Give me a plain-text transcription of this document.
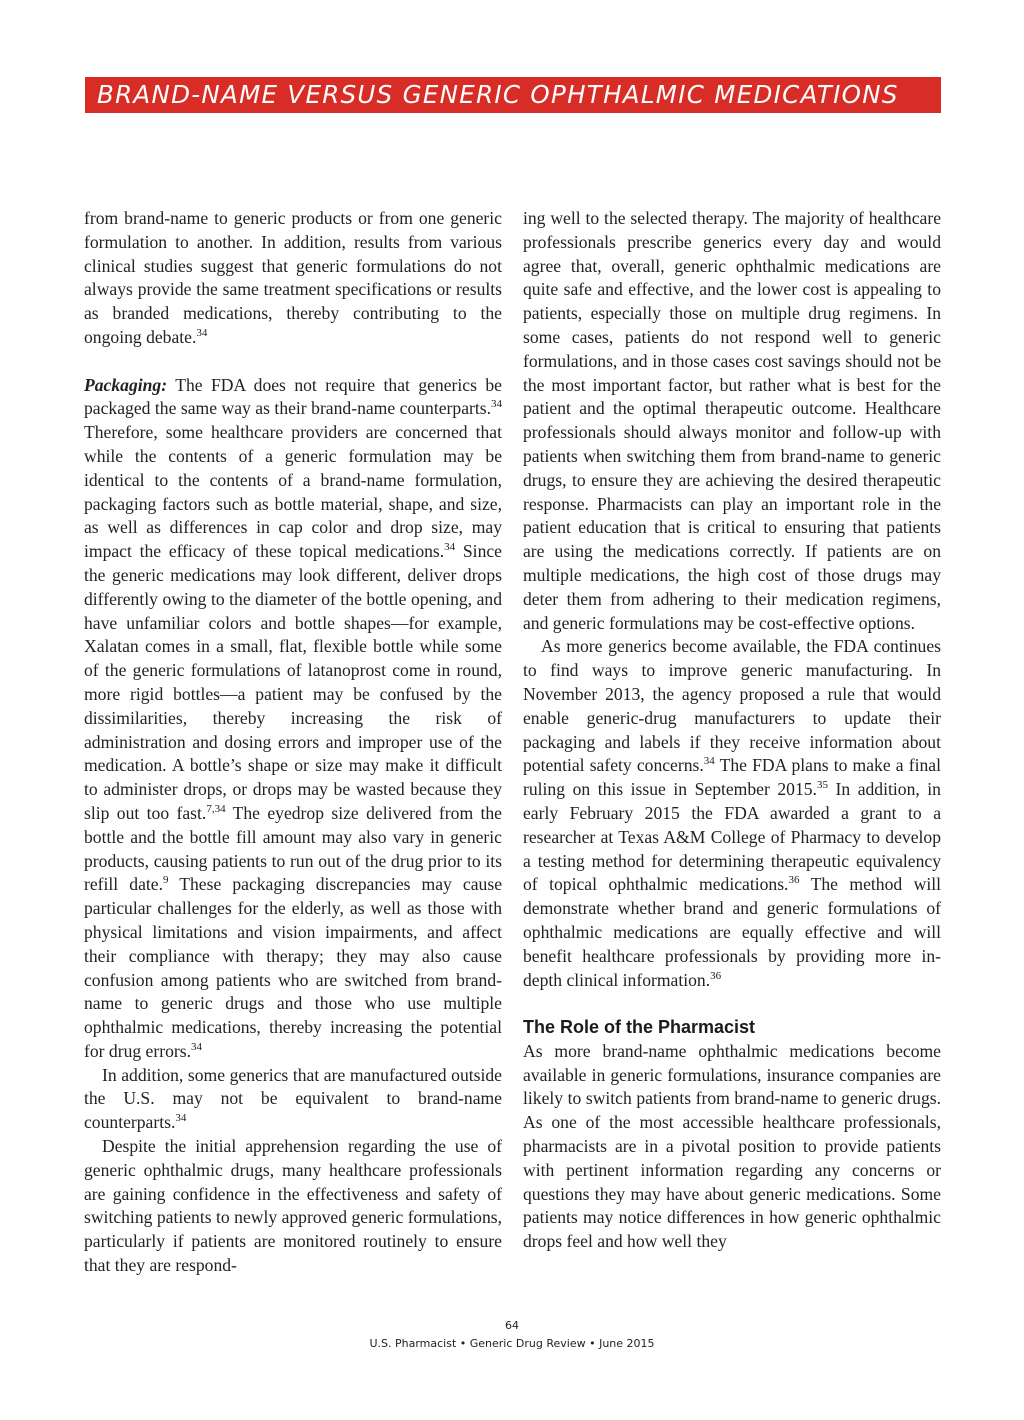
BRAND-NAME VERSUS GENERIC OPHTHALMIC MEDICATIONS

from brand-name to generic products or from one generic formulation to another. In addition, results from various clinical studies suggest that generic formulations do not always provide the same treatment specifications or results as branded medications, thereby contributing to the ongoing debate.$^{34}$

Packaging: The FDA does not require that generics be packaged the same way as their brand-name counterparts.$^{34}$ Therefore, some healthcare providers are concerned that while the contents of a generic formulation may be identical to the contents of a brand-name formulation, packaging factors such as bottle material, shape, and size, as well as differences in cap color and drop size, may impact the efficacy of these topical medications.$^{34}$ Since the generic medications may look different, deliver drops differently owing to the diameter of the bottle opening, and have unfamiliar colors and bottle shapes—for example, Xalatan comes in a small, flat, flexible bottle while some of the generic formulations of latanoprost come in round, more rigid bottles—a patient may be confused by the dissimilarities, thereby increasing the risk of administration and dosing errors and improper use of the medication. A bottle’s shape or size may make it difficult to administer drops, or drops may be wasted because they slip out too fast.$^{7,34}$ The eyedrop size delivered from the bottle and the bottle fill amount may also vary in generic products, causing patients to run out of the drug prior to its refill date.$^9$ These packaging discrepancies may cause particular challenges for the elderly, as well as those with physical limitations and vision impairments, and affect their compliance with therapy; they may also cause confusion among patients who are switched from brand-name to generic drugs and those who use multiple ophthalmic medications, thereby increasing the potential for drug errors.$^{34}$

In addition, some generics that are manufactured outside the U.S. may not be equivalent to brand-name counterparts.$^{34}$

Despite the initial apprehension regarding the use of generic ophthalmic drugs, many healthcare professionals are gaining confidence in the effectiveness and safety of switching patients to newly approved generic formulations, particularly if patients are monitored routinely to ensure that they are respond-

ing well to the selected therapy. The majority of healthcare professionals prescribe generics every day and would agree that, overall, generic ophthalmic medications are quite safe and effective, and the lower cost is appealing to patients, especially those on multiple drug regimens. In some cases, patients do not respond well to generic formulations, and in those cases cost savings should not be the most important factor, but rather what is best for the patient and the optimal therapeutic outcome. Healthcare professionals should always monitor and follow-up with patients when switching them from brand-name to generic drugs, to ensure they are achieving the desired therapeutic response. Pharmacists can play an important role in the patient education that is critical to ensuring that patients are using the medications correctly. If patients are on multiple medications, the high cost of those drugs may deter them from adhering to their medication regimens, and generic formulations may be cost-effective options.

As more generics become available, the FDA continues to find ways to improve generic manufacturing. In November 2013, the agency proposed a rule that would enable generic-drug manufacturers to update their packaging and labels if they receive information about potential safety concerns.$^{34}$ The FDA plans to make a final ruling on this issue in September 2015.35 In addition, in early February 2015 the FDA awarded a grant to a researcher at Texas A&M College of Pharmacy to develop a testing method for determining therapeutic equivalency of topical ophthalmic medications.$^{36}$ The method will demonstrate whether brand and generic formulations of ophthalmic medications are equally effective and will benefit healthcare professionals by providing more in-depth clinical information.$^{36}$

The Role of the Pharmacist

As more brand-name ophthalmic medications become available in generic formulations, insurance companies are likely to switch patients from brand-name to generic drugs. As one of the most accessible healthcare professionals, pharmacists are in a pivotal position to provide patients with pertinent information regarding any concerns or questions they may have about generic medications. Some patients may notice differences in how generic ophthalmic drops feel and how well they

64
U.S. Pharmacist • Generic Drug Review • June 2015
